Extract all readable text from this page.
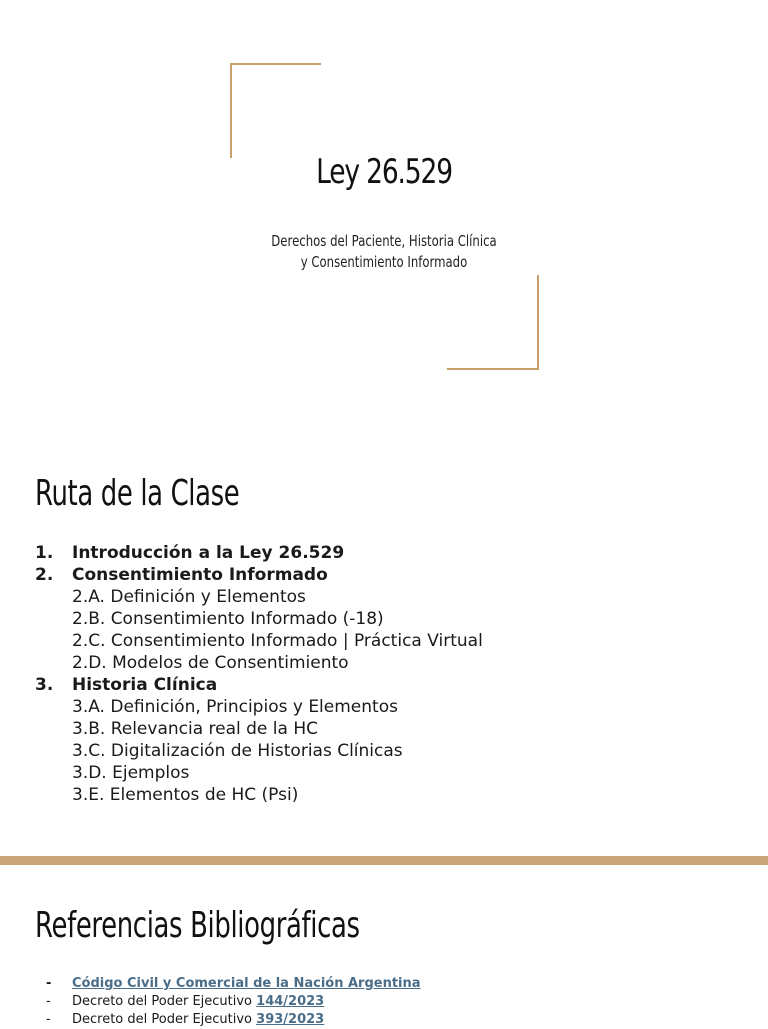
Ley 26.529
Derechos del Paciente, Historia Clínica
y Consentimiento Informado
Ruta de la Clase
1. Introducción a la Ley 26.529
2. Consentimiento Informado
2.A. Definición y Elementos
2.B. Consentimiento Informado (-18)
2.C. Consentimiento Informado | Práctica Virtual
2.D. Modelos de Consentimiento
3. Historia Clínica
3.A. Definición, Principios y Elementos
3.B. Relevancia real de la HC
3.C. Digitalización de Historias Clínicas
3.D. Ejemplos
3.E. Elementos de HC (Psi)
Referencias Bibliográficas
- Código Civil y Comercial de la Nación Argentina
- Decreto del Poder Ejecutivo 144/2023
- Decreto del Poder Ejecutivo 393/2023
